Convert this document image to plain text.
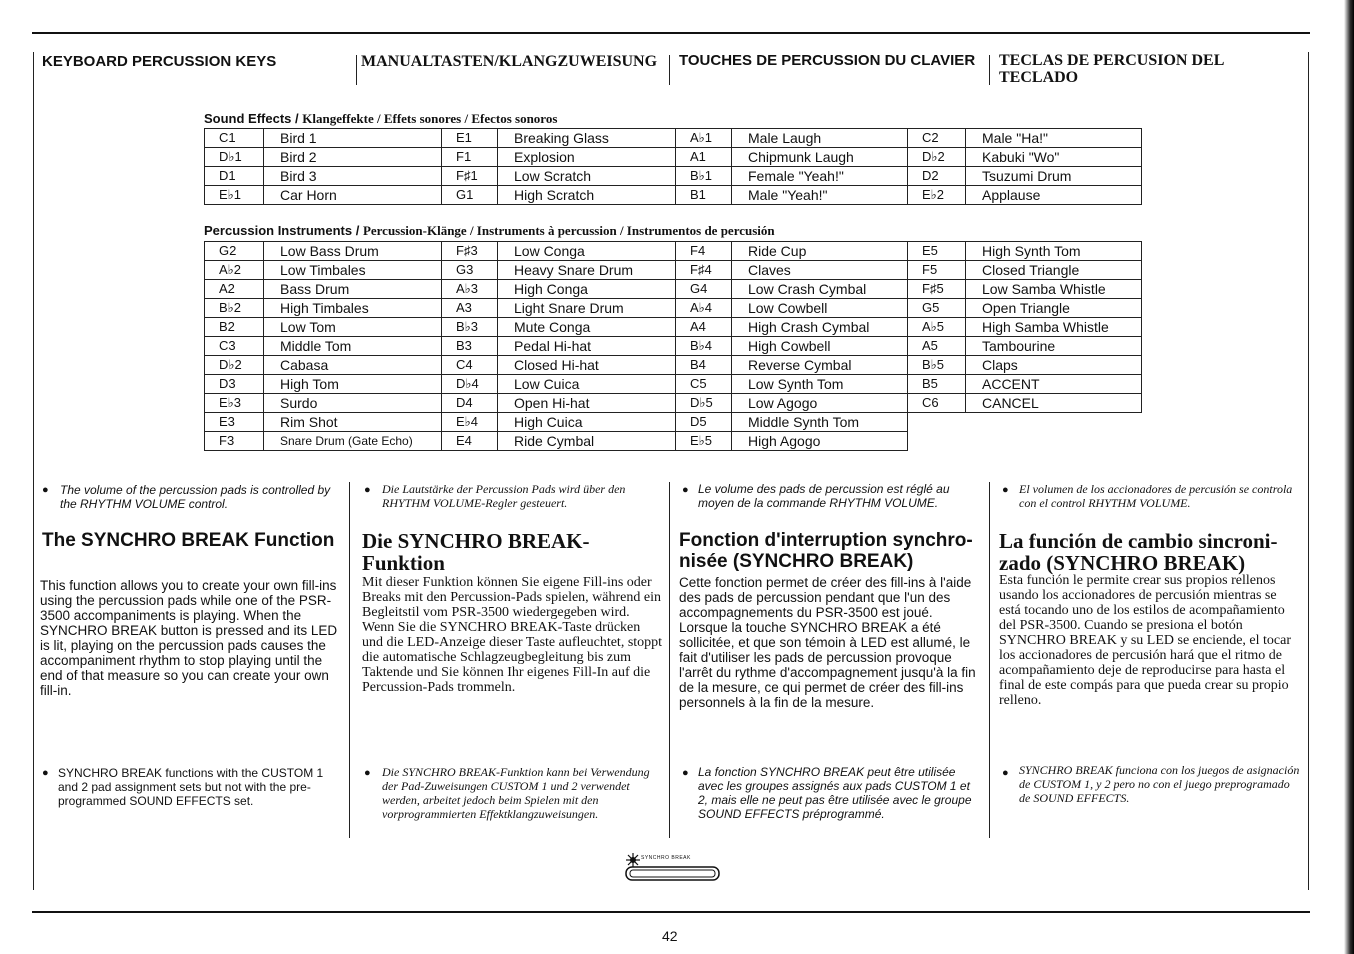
KEYBOARD PERCUSSION KEYS	MANUALTASTEN/KLANGZUWEISUNG TOUCHES DE PERCUSSION DU CLAVIER TECLAS DE PERCUSION DEL
TECLADO
Sound Effects / Klangeffekte / Effets sonores / Efectos sonoros
C1	Bird 1	E1	Breaking Glass	A♭1	Male Laugh	C2	Male "Ha!"
D♭1	Bird 2	F1	Explosion	A1	Chipmunk Laugh	D♭2	Kabuki "Wo"
D1	Bird 3	F♯1	Low Scratch	B♭1	Female "Yeah!"	D2	Tsuzumi Drum
E♭1	Car Horn	G1	High Scratch	B1	Male "Yeah!"	E♭2	Applause
Percussion Instruments / Percussion-Klänge / Instruments à percussion / Instrumentos de percusión
G2	Low Bass Drum	F♯3	Low Conga	F4	Ride Cup	E5	High Synth Tom
A♭2	Low Timbales	G3	Heavy Snare Drum	F♯4	Claves	F5	Closed Triangle
A2	Bass Drum	A♭3	High Conga	G4	Low Crash Cymbal	F♯5	Low Samba Whistle
B♭2	High Timbales	A3	Light Snare Drum	A♭4	Low Cowbell	G5	Open Triangle
B2	Low Tom	B♭3	Mute Conga	A4	High Crash Cymbal	A♭5	High Samba Whistle
C3	Middle Tom	B3	Pedal Hi-hat	B♭4	High Cowbell	A5	Tambourine
D♭2	Cabasa	C4	Closed Hi-hat	B4	Reverse Cymbal	B♭5	Claps
D3	High Tom	D♭4	Low Cuica	C5	Low Synth Tom	B5	ACCENT
E♭3	Surdo	D4	Open Hi-hat	D♭5	Low Agogo	C6	CANCEL
E3	Rim Shot	E♭4	High Cuica	D5	Middle Synth Tom		
F3	Snare Drum (Gate Echo)	E4	Ride Cymbal	E♭5	High Agogo		
● The volume of the percussion pads is controlled by the RHYTHM VOLUME control.
The SYNCHRO BREAK Function
This function allows you to create your own fill-ins using the percussion pads while one of the PSR-3500 accompaniments is playing. When the SYNCHRO BREAK button is pressed and its LED is lit, playing on the percussion pads causes the accompaniment rhythm to stop playing until the end of that measure so you can create your own fill-in.
● SYNCHRO BREAK functions with the CUSTOM 1 and 2 pad assignment sets but not with the pre-programmed SOUND EFFECTS set.
● Die Lautstärke der Percussion Pads wird über den RHYTHM VOLUME-Regler gesteuert.
Die SYNCHRO BREAK-
Funktion
Mit dieser Funktion können Sie eigene Fill-ins oder Breaks mit den Percussion-Pads spielen, während ein Begleitstil vom PSR-3500 wiedergegeben wird. Wenn Sie die SYNCHRO BREAK-Taste drücken und die LED-Anzeige dieser Taste aufleuchtet, stoppt die automatische Schlagzeugbegleitung bis zum Taktende und Sie können Ihr eigenes Fill-In auf die Percussion-Pads trommeln.
● Die SYNCHRO BREAK-Funktion kann bei Verwendung der Pad-Zuweisungen CUSTOM 1 und 2 verwendet werden, arbeitet jedoch beim Spielen mit den vorprogrammierten Effektklangzuweisungen.
● Le volume des pads de percussion est réglé au moyen de la commande RHYTHM VOLUME.
Fonction d'interruption synchro-
nisée (SYNCHRO BREAK)
Cette fonction permet de créer des fill-ins à l'aide des pads de percussion pendant que l'un des accompagnements du PSR-3500 est joué. Lorsque la touche SYNCHRO BREAK a été sollicitée, et que son témoin à LED est allumé, le fait d'utiliser les pads de percussion provoque l'arrêt du rythme d'accompagnement jusqu'à la fin de la mesure, ce qui permet de créer des fill-ins personnels à la fin de la mesure.
● La fonction SYNCHRO BREAK peut être utilisée avec les groupes assignés aux pads CUSTOM 1 et 2, mais elle ne peut pas être utilisée avec le groupe SOUND EFFECTS préprogrammé.
● El volumen de los accionadores de percusión se controla con el control RHYTHM VOLUME.
La función de cambio sincroni-
zado (SYNCHRO BREAK)
Esta función le permite crear sus propios rellenos usando los accionadores de percusión mientras se está tocando uno de los estilos de acompañamiento del PSR-3500. Cuando se presiona el botón SYNCHRO BREAK y su LED se enciende, el tocar los accionadores de percusión hará que el ritmo de acompañamiento deje de reproducirse para hasta el final de este compás para que pueda crear su propio relleno.
● SYNCHRO BREAK funciona con los juegos de asignación de CUSTOM 1, y 2 pero no con el juego preprogramado de SOUND EFFECTS.
SYNCHRO BREAK
42
